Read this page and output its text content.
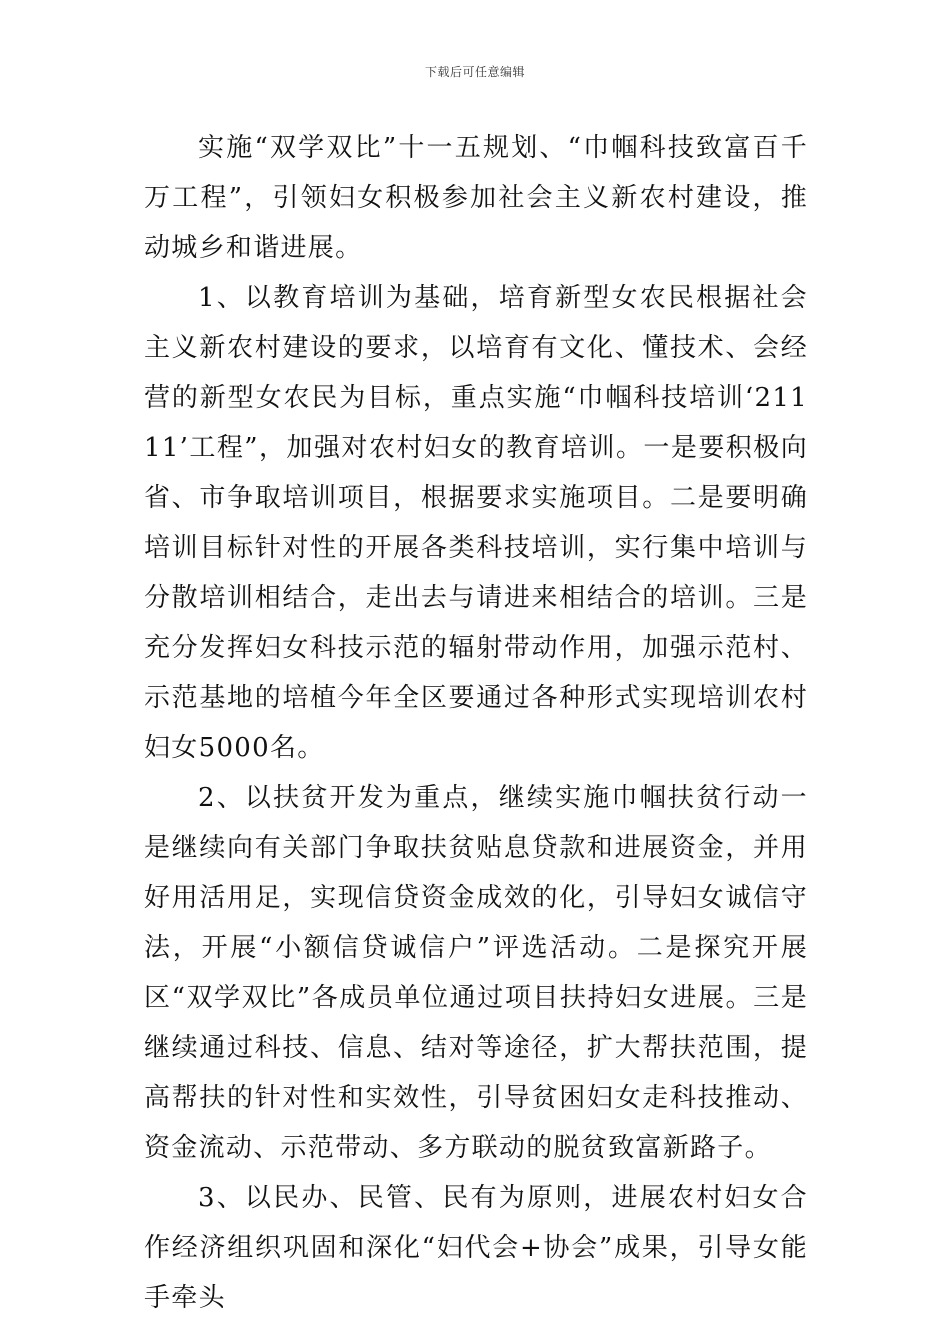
下载后可任意编辑

实施“双学双比”十一五规划、“巾帼科技致富百千万工程”，引领妇女积极参加社会主义新农村建设，推动城乡和谐进展。

1、以教育培训为基础，培育新型女农民根据社会主义新农村建设的要求，以培育有文化、懂技术、会经营的新型女农民为目标，重点实施“巾帼科技培训‘21111’工程”，加强对农村妇女的教育培训。一是要积极向省、市争取培训项目，根据要求实施项目。二是要明确培训目标针对性的开展各类科技培训，实行集中培训与分散培训相结合，走出去与请进来相结合的培训。三是充分发挥妇女科技示范的辐射带动作用，加强示范村、示范基地的培植今年全区要通过各种形式实现培训农村妇女5000名。

2、以扶贫开发为重点，继续实施巾帼扶贫行动一是继续向有关部门争取扶贫贴息贷款和进展资金，并用好用活用足，实现信贷资金成效的化，引导妇女诚信守法，开展“小额信贷诚信户”评选活动。二是探究开展区“双学双比”各成员单位通过项目扶持妇女进展。三是继续通过科技、信息、结对等途径，扩大帮扶范围，提高帮扶的针对性和实效性，引导贫困妇女走科技推动、资金流动、示范带动、多方联动的脱贫致富新路子。

3、以民办、民管、民有为原则，进展农村妇女合作经济组织巩固和深化“妇代会+协会”成果，引导女能手牵头
